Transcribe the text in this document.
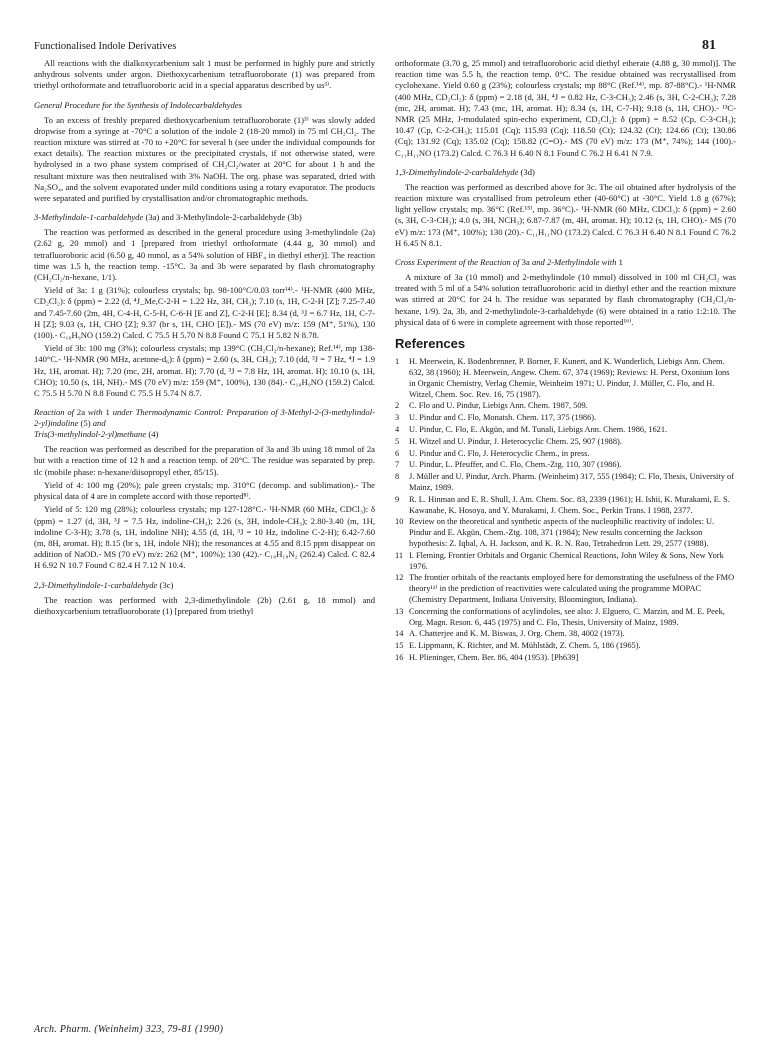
Functionalised Indole Derivatives	81

All reactions with the dialkoxycarbenium salt 1 must be performed in highly pure and strictly anhydrous solvents under argon. Diethoxycarbenium tetrafluoroborate (1) was prepared from triethyl orthoformate and tetrafluoroboric acid in a special apparatus described by us³⁾.

General Procedure for the Synthesis of Indolecarbaldehydes

To an excess of freshly prepared diethoxycarbenium tetrafluoroborate (1)³⁾ was slowly added dropwise from a syringe at -70°C a solution of the indole 2 (18-20 mmol) in 75 ml CH₂Cl₂. The reaction mixture was stirred at -70 to +20°C for several h (see under the individual compounds for exact details). The reaction mixtures or the precipitated crystals, if not otherwise stated, were hydrolysed in a two phase system comprised of CH₂Cl₂/water at 20°C for about 1 h and the resultant mixture was then neutralised with 3% NaOH. The org. phase was separated, dried with Na₂SO₄, and the solvent evaporated under mild conditions using a rotary evaporator. The products were separated and purified by crystallisation and/or chromatographic methods.

3-Methylindole-1-carbaldehyde (3a) and 3-Methylindole-2-carbaldehyde (3b)

The reaction was performed as described in the general procedure using 3-methylindole (2a) (2.62 g, 20 mmol) and 1 [prepared from triethyl orthoformate (4.44 g, 30 mmol) and tetrafluoroboric acid (6.50 g, 40 mmol, as a 54% solution of HBF₄ in diethyl ether)]. The reaction time was 1.5 h, the reaction temp. -15°C. 3a and 3b were separated by flash chromatography (CH₂Cl₂/n-hexane, 1/1).

Yield of 3a: 1 g (31%); colourless crystals; bp. 98-100°C/0.03 torr¹⁴⁾.- ¹H-NMR (400 MHz, CD₂Cl₂): δ (ppm) = 2.22 (d, ⁴J_Me,C-2-H = 1.22 Hz, 3H, CH₃); 7.10 (s, 1H, C-2-H [Z]; 7.25-7.40 and 7.45-7.60 (2m, 4H, C-4-H, C-5-H, C-6-H [E and Z], C-2-H [E]; 8.34 (d, ³J = 6.7 Hz, 1H, C-7-H [Z]; 9.03 (s, 1H, CHO [Z]; 9.37 (br s, 1H, CHO [E]).- MS (70 eV) m/z: 159 (M⁺, 51%), 130 (100).- C₁₀H₉NO (159.2) Calcd. C 75.5 H 5.70 N 8.8 Found C 75.1 H 5.82 N 8.78.

Yield of 3b: 100 mg (3%); colourless crystals; mp 139°C (CH₂Cl₂/n-hexane); Ref.¹⁴⁾, mp 138-140°C.- ¹H-NMR (90 MHz, acetone-d₆): δ (ppm) = 2.60 (s, 3H, CH₃); 7.10 (dd, ³J = 7 Hz, ⁴J = 1.9 Hz, 1H, aromat. H); 7.20 (mc, 2H, aromat. H); 7.70 (d, ³J = 7.8 Hz, 1H, aromat. H); 10.10 (s, 1H, CHO); 10.50 (s, 1H, NH).- MS (70 eV) m/z: 159 (M⁺, 100%), 130 (84).- C₁₀H₉NO (159.2) Calcd. C 75.5 H 5.70 N 8.8 Found C 75.5 H 5.74 N 8.7.

Reaction of 2a with 1 under Thermodynamic Control: Preparation of 3-Methyl-2-(3-methylindol-2-yl)indoline (5) and
Tris(3-methylindol-2-yl)methane (4)

The reaction was performed as described for the preparation of 3a and 3b using 18 mmol of 2a but with a reaction time of 12 h and a reaction temp. of 20°C. The residue was separated by prep. tlc (mobile phase: n-hexane/diisopropyl ether, 85/15).

Yield of 4: 100 mg (20%); pale green crystals; mp. 310°C (decomp. and sublimation).- The physical data of 4 are in complete accord with those reported⁸⁾.

Yield of 5: 120 mg (28%); colourless crystals; mp 127-128°C.- ¹H-NMR (60 MHz, CDCl₃): δ (ppm) = 1.27 (d, 3H, ³J = 7.5 Hz, indoline-CH₃); 2.26 (s, 3H, indole-CH₃); 2.80-3.40 (m, 1H, indoline C-3-H); 3.78 (s, 1H, indoline NH); 4.55 (d, 1H, ³J = 10 Hz, indoline C-2-H); 6.42-7.60 (m, 8H, aromat. H); 8.15 (br s, 1H, indole NH); the resonances at 4.55 and 8.15 ppm disappear on addition of NaOD.- MS (70 eV) m/z: 262 (M⁺, 100%); 130 (42).- C₁₈H₁₈N₂ (262.4) Calcd. C 82.4 H 6.92 N 10.7 Found C 82.4 H 7.12 N 10.4.

2,3-Dimethylindole-1-carbaldehyde (3c)

The reaction was performed with 2,3-dimethylindole (2b) (2.61 g, 18 mmol) and diethoxycarbenium tetrafluoroborate (1) [prepared from triethyl

orthoformate (3.70 g, 25 mmol) and tetrafluoroboric acid diethyl etherate (4.88 g, 30 mmol)]. The reaction time was 5.5 h, the reaction temp. 0°C. The residue obtained was recrystallised from cyclohexane. Yield 0.60 g (23%); colourless crystals; mp 88°C (Ref.¹⁴⁾, mp. 87-88°C).- ¹H-NMR (400 MHz, CD₂Cl₂): δ (ppm) = 2.18 (d, 3H, ⁴J = 0.82 Hz, C-3-CH₃); 2.46 (s, 3H, C-2-CH₃); 7.28 (mc, 2H, aromat. H); 7.43 (mc, 1H, aromat. H); 8.34 (s, 1H, C-7-H); 9.18 (s, 1H, CHO).- ¹³C-NMR (25 MHz, J-modulated spin-echo experiment, CD₂Cl₂): δ (ppm) = 8.52 (Cp, C-3-CH₃); 10.47 (Cp, C-2-CH₃); 115.01 (Cq); 115.93 (Cq); 118.50 (Ct); 124.32 (Ct); 124.66 (Ct); 130.86 (Cq); 131.92 (Cq); 135.02 (Cq); 158.82 (C=O).- MS (70 eV) m/z: 173 (M⁺, 74%); 144 (100).- C₁₁H₁₁NO (173.2) Calcd. C 76.3 H 6.40 N 8.1 Found C 76.2 H 6.41 N 7.9.

1,3-Dimethylindole-2-carbaldehyde (3d)

The reaction was performed as described above for 3c. The oil obtained after hydrolysis of the reaction mixture was crystallised from petroleum ether (40-60°C) at -30°C. Yield 1.8 g (67%); light yellow crystals; mp. 36°C (Ref.¹⁵⁾, mp. 36°C).- ¹H-NMR (60 MHz, CDCl₃): δ (ppm) = 2.60 (s, 3H, C-3-CH₃); 4.0 (s, 3H, NCH₃); 6.87-7.87 (m, 4H, aromat. H); 10.12 (s, 1H, CHO).- MS (70 eV) m/z: 173 (M⁺, 100%); 130 (20).- C₁₁H₁₁NO (173.2) Calcd. C 76.3 H 6.40 N 8.1 Found C 76.2 H 6.45 N 8.1.

Cross Experiment of the Reaction of 3a and 2-Methylindole with 1

A mixture of 3a (10 mmol) and 2-methylindole (10 mmol) dissolved in 100 ml CH₂Cl₂ was treated with 5 ml of a 54% solution tetrafluoroboric acid in diethyl ether and the reaction mixture was stirred at 20°C for 24 h. The residue was separated by flash chromatography (CH₂Cl₂/n-hexane, 1/9). 2a, 3b, and 2-methylindole-3-carbaldehyde (6) were obtained in a ratio 1:2:10. The physical data of 6 were in complete agreement with those reported¹⁶⁾.

References
1	H. Meerwein, K. Bodenbrenner, P. Borner, F. Kunert, and K. Wunderlich, Liebigs Ann. Chem. 632, 38 (1960); H. Meerwein, Angew. Chem. 67, 374 (1969); Reviews: H. Perst, Oxonium Ions in Organic Chemistry, Verlag Chemie, Weinheim 1971; U. Pindur, J. Müller, C. Flo, and H. Witzel, Chem. Soc. Rev. 16, 75 (1987).
2	C. Flo and U. Pindur, Liebigs Ann. Chem. 1987, 509.
3	U. Pindur and C. Flo, Monatsh. Chem. 117, 375 (1986).
4	U. Pindur, C. Flo, E. Akgün, and M. Tunali, Liebigs Ann. Chem. 1986, 1621.
5	H. Witzel and U. Pindur, J. Heterocyclic Chem. 25, 907 (1988).
6	U. Pindur and C. Flo, J. Heterocyclic Chem., in press.
7	U. Pindur, L. Pfeuffer, and C. Flo, Chem.-Ztg. 110, 307 (1986).
8	J. Müller and U. Pindur, Arch. Pharm. (Weinheim) 317, 555 (1984); C. Flo, Thesis, University of Mainz, 1989.
9	R. L. Hinman and E. R. Shull, J. Am. Chem. Soc. 83, 2339 (1961); H. Ishii, K. Murakami, E. S. Kawanabe, K. Hosoya, and Y. Murakami, J. Chem. Soc., Perkin Trans. I 1988, 2377.
10 Review on the theoretical and synthetic aspects of the nucleophilic reactivity of indoles: U. Pindur and E. Akgün, Chem.-Ztg. 108, 371 (1984); New results concerning the Jackson hypothesis: Z. Iqbal, A. H. Jackson, and K. R. N. Rao, Tetrahedron Lett. 29, 2577 (1988).
11 I. Fleming, Frontier Orbitals and Organic Chemical Reactions, John Wiley & Sons, New York 1976.
12 The frontier orbitals of the reactants employed here for demonstrating the usefulness of the FMO theory¹¹⁾ in the prediction of reactivities were calculated using the programme MOPAC (Chemistry Department, Indiana University, Bloomington, Indiana).
13 Concerning the conformations of acylindoles, see also: J. Elguero, C. Marzin, and M. E. Peek, Org. Magn. Reson. 6, 445 (1975) and C. Flo, Thesis, University of Mainz, 1989.
14 A. Chatterjee and K. M. Biswas, J. Org. Chem. 38, 4002 (1973).
15 E. Lippmann, K. Richter, and M. Mühlstädt, Z. Chem. 5, 186 (1965).
16 H. Plieninger, Chem. Ber. 86, 404 (1953). [Ph639]
Arch. Pharm. (Weinheim) 323, 79-81 (1990)
